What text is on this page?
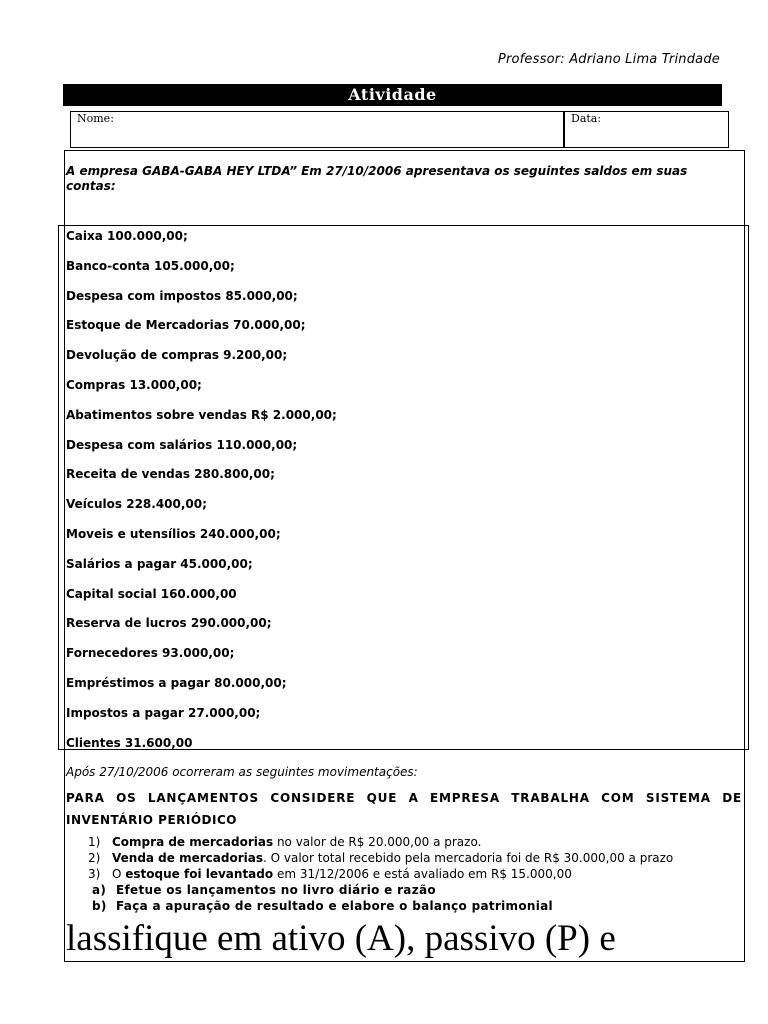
Professor: Adriano Lima Trindade
Atividade
Nome:	Data:
A empresa GABA-GABA HEY LTDA” Em 27/10/2006 apresentava os seguintes saldos em suas contas:
Caixa 100.000,00;
Banco-conta 105.000,00;
Despesa com impostos 85.000,00;
Estoque de Mercadorias 70.000,00;
Devolução de compras 9.200,00;
Compras 13.000,00;
Abatimentos sobre vendas R$ 2.000,00;
Despesa com salários 110.000,00;
Receita de vendas 280.800,00;
Veículos 228.400,00;
Moveis e utensílios 240.000,00;
Salários a pagar 45.000,00;
Capital social 160.000,00
Reserva de lucros 290.000,00;
Fornecedores 93.000,00;
Empréstimos a pagar 80.000,00;
Impostos a pagar 27.000,00;
Clientes 31.600,00
Após 27/10/2006 ocorreram as seguintes movimentações:
PARA OS LANÇAMENTOS CONSIDERE QUE A EMPRESA TRABALHA COM SISTEMA DE
INVENTÁRIO PERIÓDICO
1) Compra de mercadorias no valor de R$ 20.000,00 a prazo.
2) Venda de mercadorias. O valor total recebido pela mercadoria foi de R$ 30.000,00 a prazo
3) O estoque foi levantado em 31/12/2006 e está avaliado em R$ 15.000,00
a) Efetue os lançamentos no livro diário e razão
b) Faça a apuração de resultado e elabore o balanço patrimonial
lassifique em ativo (A), passivo (P) e
